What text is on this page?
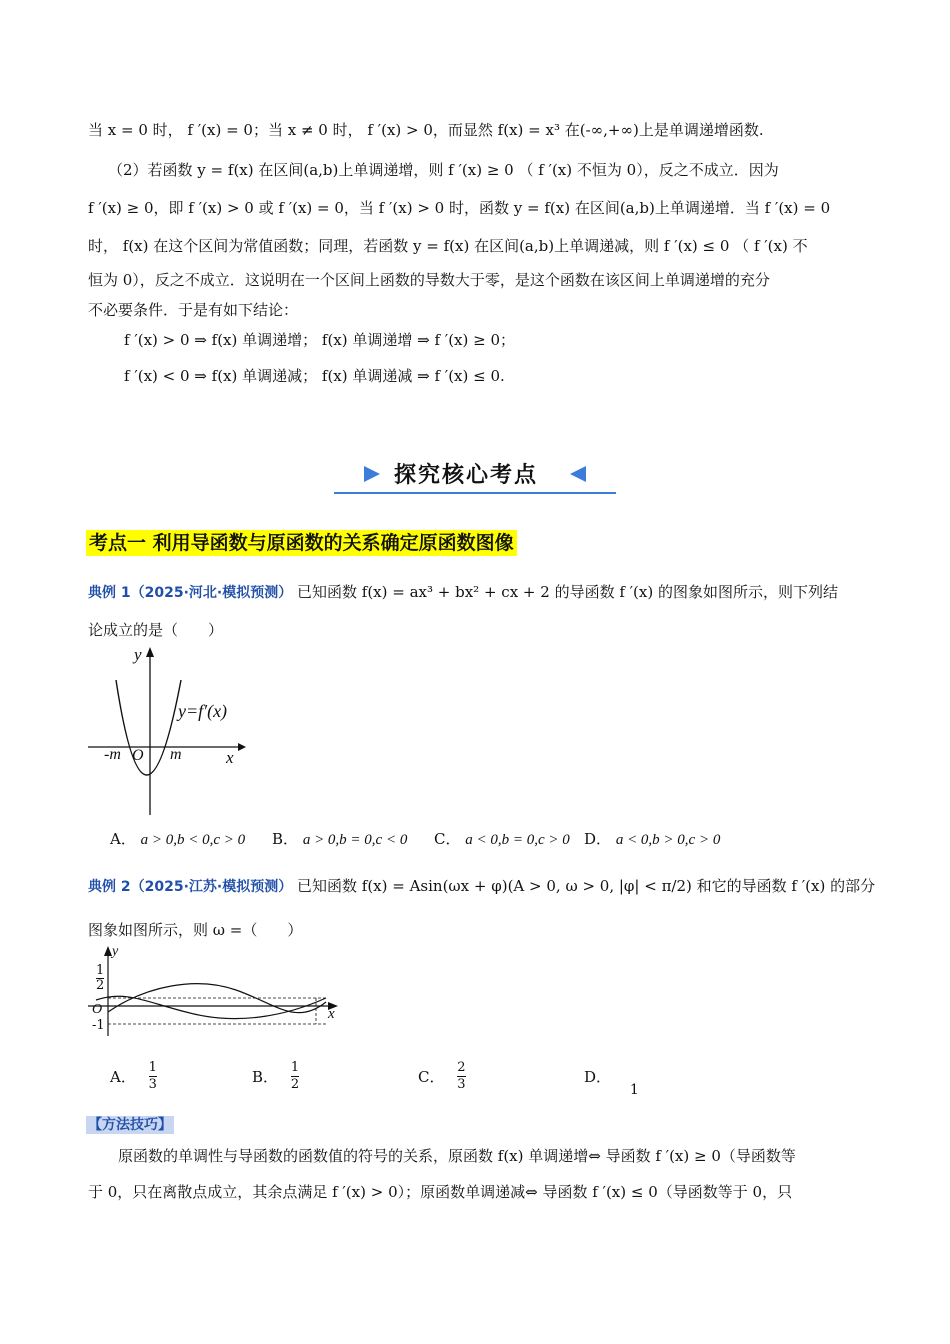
当 x = 0 时， f ′(x) = 0；当 x ≠ 0 时， f ′(x) > 0，而显然 f(x) = x³ 在(-∞,+∞)上是单调递增函数.
（2）若函数 y = f(x) 在区间(a,b)上单调递增，则 f ′(x) ≥ 0 （ f ′(x) 不恒为 0），反之不成立．因为
f ′(x) ≥ 0，即 f ′(x) > 0 或 f ′(x) = 0，当 f ′(x) > 0 时，函数 y = f(x) 在区间(a,b)上单调递增．当 f ′(x) = 0
时， f(x) 在这个区间为常值函数；同理，若函数 y = f(x) 在区间(a,b)上单调递减，则 f ′(x) ≤ 0 （ f ′(x) 不
恒为 0），反之不成立．这说明在一个区间上函数的导数大于零，是这个函数在该区间上单调递增的充分
不必要条件．于是有如下结论：
f ′(x) > 0 ⇒ f(x) 单调递增； f(x) 单调递增 ⇒ f ′(x) ≥ 0；
f ′(x) < 0 ⇒ f(x) 单调递减； f(x) 单调递减 ⇒ f ′(x) ≤ 0.
探究核心考点
考点一 利用导函数与原函数的关系确定原函数图像
典例 1（2025·河北·模拟预测） 已知函数 f(x) = ax³ + bx² + cx + 2 的导函数 f ′(x) 的图象如图所示，则下列结
论成立的是（　　）
y
x
O
-m	m
y=f′(x)
A． a > 0,b < 0,c > 0 B． a > 0,b = 0,c < 0 C． a < 0,b = 0,c > 0 D． a < 0,b > 0,c > 0
典例 2（2025·江苏·模拟预测） 已知函数 f(x) = Asin(ωx + φ)(A > 0, ω > 0, |φ| < π/2) 和它的导函数 f ′(x) 的部分
图象如图所示，则 ω =（　　）
y
x
O
$\frac{1}{2}$
-1
A． $\frac{1}{3}$	B． $\frac{1}{2}$	C． $\frac{2}{3}$	D． 1
【方法技巧】
原函数的单调性与导函数的函数值的符号的关系，原函数 f(x) 单调递增⇔ 导函数 f ′(x) ≥ 0（导函数等
于 0，只在离散点成立，其余点满足 f ′(x) > 0）；原函数单调递减⇔ 导函数 f ′(x) ≤ 0（导函数等于 0，只
